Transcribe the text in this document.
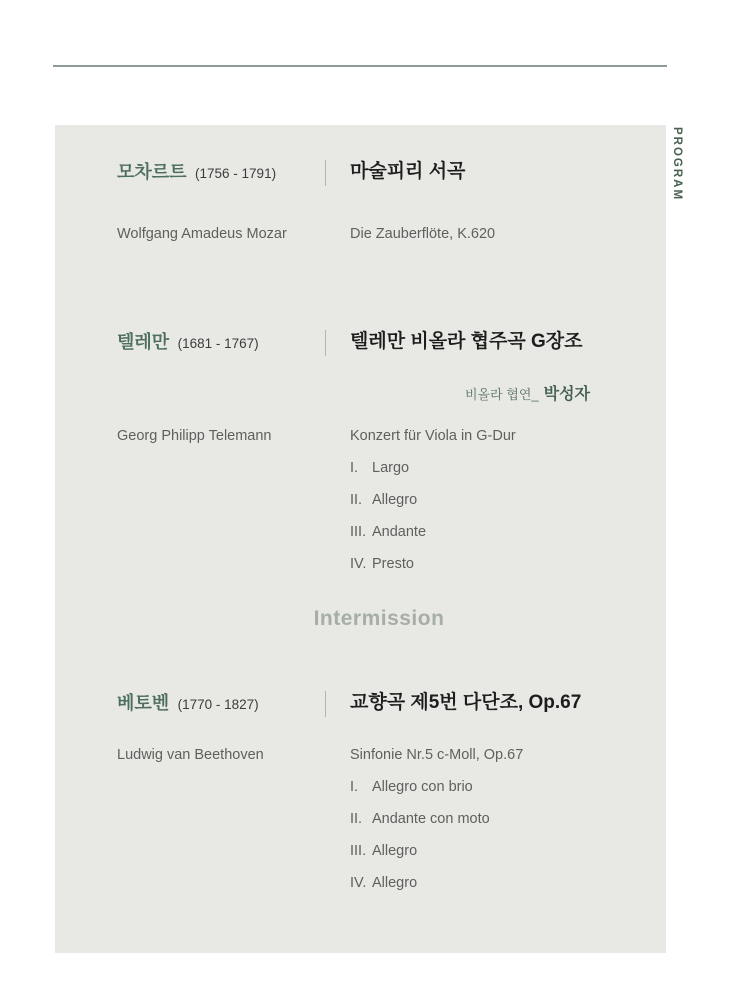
PROGRAM
모차르트 (1756 - 1791)	마술피리 서곡
Wolfgang Amadeus Mozar	Die Zauberflöte, K.620
텔레만 (1681 - 1767)	텔레만 비올라 협주곡 G장조
비올라 협연_ 박성자
Georg Philipp Telemann	Konzert für Viola in G-Dur
I. Largo
II. Allegro
III. Andante
IV. Presto
Intermission
베토벤 (1770 - 1827)	교향곡 제5번 다단조, Op.67
Ludwig van Beethoven	Sinfonie Nr.5 c-Moll, Op.67
I. Allegro con brio
II. Andante con moto
III. Allegro
IV. Allegro
